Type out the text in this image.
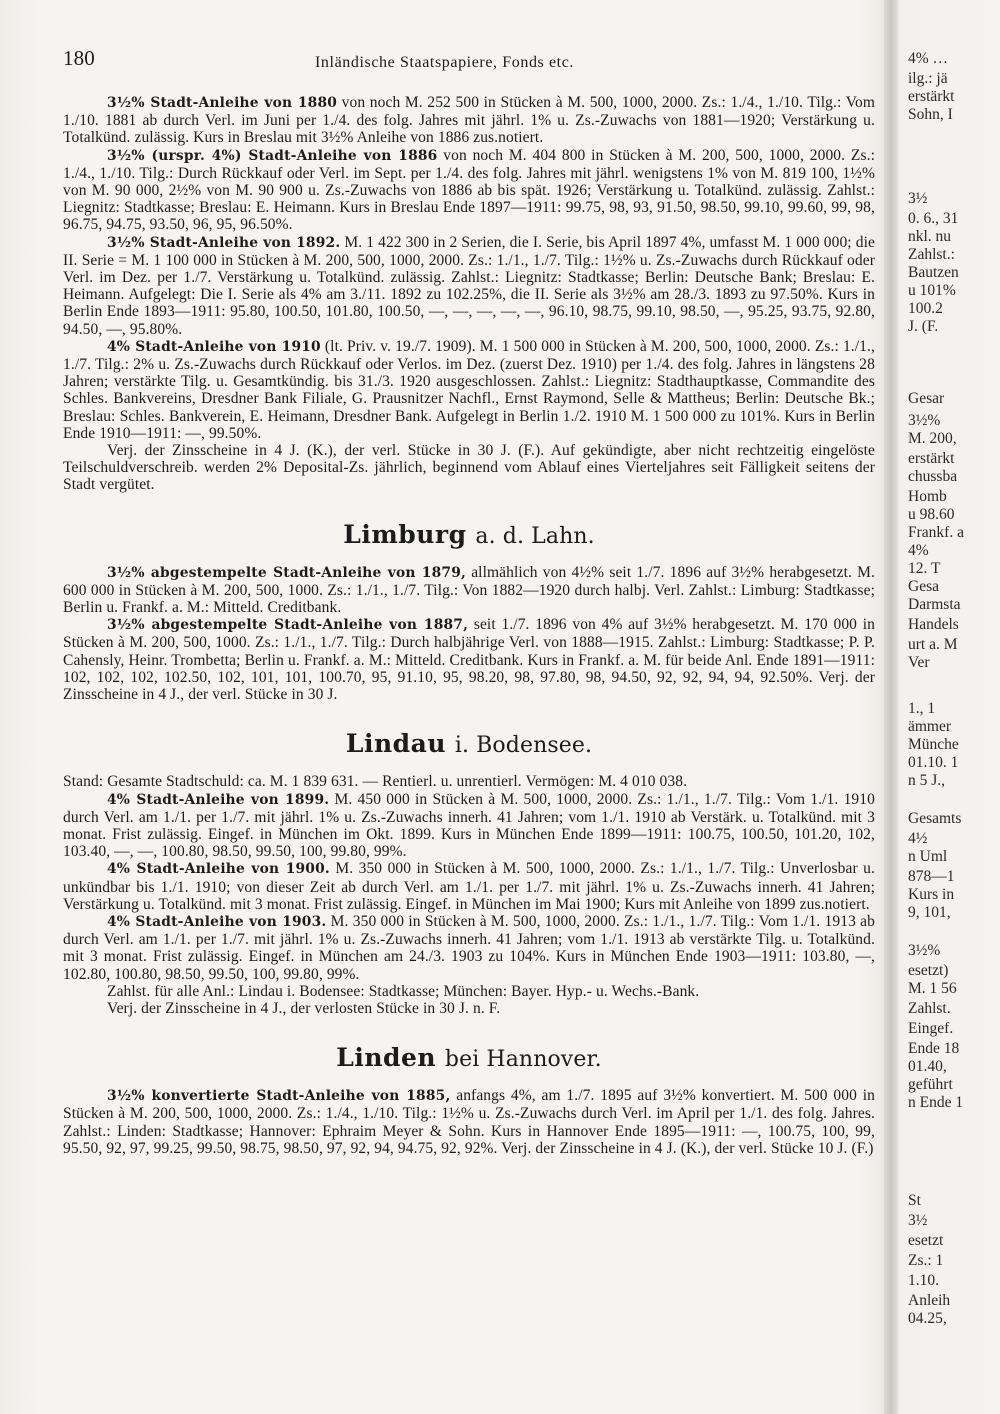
180	Inländische Staatspapiere, Fonds etc.

3½% Stadt-Anleihe von 1880 von noch M. 252 500 in Stücken à M. 500, 1000, 2000. Zs.: 1./4., 1./10. Tilg.: Vom 1./10. 1881 ab durch Verl. im Juni per 1./4. des folg. Jahres mit jährl. 1% u. Zs.-Zuwachs von 1881—1920; Verstärkung u. Totalkünd. zulässig. Kurs in Breslau mit 3½% Anleihe von 1886 zus.notiert.

3½% (urspr. 4%) Stadt-Anleihe von 1886 von noch M. 404 800 in Stücken à M. 200, 500, 1000, 2000. Zs.: 1./4., 1./10. Tilg.: Durch Rückkauf oder Verl. im Sept. per 1./4. des folg. Jahres mit jährl. wenigstens 1% von M. 819 100, 1½% von M. 90 000, 2½% von M. 90 900 u. Zs.-Zuwachs von 1886 ab bis spät. 1926; Verstärkung u. Totalkünd. zulässig. Zahlst.: Liegnitz: Stadtkasse; Breslau: E. Heimann. Kurs in Breslau Ende 1897—1911: 99.75, 98, 93, 91.50, 98.50, 99.10, 99.60, 99, 98, 96.75, 94.75, 93.50, 96, 95, 96.50%.

3½% Stadt-Anleihe von 1892. M. 1 422 300 in 2 Serien, die I. Serie, bis April 1897 4%, umfasst M. 1 000 000; die II. Serie = M. 1 100 000 in Stücken à M. 200, 500, 1000, 2000. Zs.: 1./1., 1./7. Tilg.: 1½% u. Zs.-Zuwachs durch Rückkauf oder Verl. im Dez. per 1./7. Verstärkung u. Totalkünd. zulässig. Zahlst.: Liegnitz: Stadtkasse; Berlin: Deutsche Bank; Breslau: E. Heimann. Aufgelegt: Die I. Serie als 4% am 3./11. 1892 zu 102.25%, die II. Serie als 3½% am 28./3. 1893 zu 97.50%. Kurs in Berlin Ende 1893—1911: 95.80, 100.50, 101.80, 100.50, —, —, —, —, —, 96.10, 98.75, 99.10, 98.50, —, 95.25, 93.75, 92.80, 94.50, —, 95.80%.

4% Stadt-Anleihe von 1910 (lt. Priv. v. 19./7. 1909). M. 1 500 000 in Stücken à M. 200, 500, 1000, 2000. Zs.: 1./1., 1./7. Tilg.: 2% u. Zs.-Zuwachs durch Rückkauf oder Verlos. im Dez. (zuerst Dez. 1910) per 1./4. des folg. Jahres in längstens 28 Jahren; verstärkte Tilg. u. Gesamtkündig. bis 31./3. 1920 ausgeschlossen. Zahlst.: Liegnitz: Stadthauptkasse, Commandite des Schles. Bankvereins, Dresdner Bank Filiale, G. Prausnitzer Nachfl., Ernst Raymond, Selle & Mattheus; Berlin: Deutsche Bk.; Breslau: Schles. Bankverein, E. Heimann, Dresdner Bank. Aufgelegt in Berlin 1./2. 1910 M. 1 500 000 zu 101%. Kurs in Berlin Ende 1910—1911: —, 99.50%.

Verj. der Zinsscheine in 4 J. (K.), der verl. Stücke in 30 J. (F.). Auf gekündigte, aber nicht rechtzeitig eingelöste Teilschuldverschreib. werden 2% Deposital-Zs. jährlich, beginnend vom Ablauf eines Vierteljahres seit Fälligkeit seitens der Stadt vergütet.

Limburg a. d. Lahn.

3½% abgestempelte Stadt-Anleihe von 1879, allmählich von 4½% seit 1./7. 1896 auf 3½% herabgesetzt. M. 600 000 in Stücken à M. 200, 500, 1000. Zs.: 1./1., 1./7. Tilg.: Von 1882—1920 durch halbj. Verl. Zahlst.: Limburg: Stadtkasse; Berlin u. Frankf. a. M.: Mitteld. Creditbank.

3½% abgestempelte Stadt-Anleihe von 1887, seit 1./7. 1896 von 4% auf 3½% herabgesetzt. M. 170 000 in Stücken à M. 200, 500, 1000. Zs.: 1./1., 1./7. Tilg.: Durch halbjährige Verl. von 1888—1915. Zahlst.: Limburg: Stadtkasse; P. P. Cahensly, Heinr. Trombetta; Berlin u. Frankf. a. M.: Mitteld. Creditbank. Kurs in Frankf. a. M. für beide Anl. Ende 1891—1911: 102, 102, 102, 102.50, 102, 101, 101, 100.70, 95, 91.10, 95, 98.20, 98, 97.80, 98, 94.50, 92, 92, 94, 94, 92.50%. Verj. der Zinsscheine in 4 J., der verl. Stücke in 30 J.

Lindau i. Bodensee.

Stand: Gesamte Stadtschuld: ca. M. 1 839 631. — Rentierl. u. unrentierl. Vermögen: M. 4 010 038.

4% Stadt-Anleihe von 1899. M. 450 000 in Stücken à M. 500, 1000, 2000. Zs.: 1./1., 1./7. Tilg.: Vom 1./1. 1910 durch Verl. am 1./1. per 1./7. mit jährl. 1% u. Zs.-Zuwachs innerh. 41 Jahren; vom 1./1. 1910 ab Verstärk. u. Totalkünd. mit 3 monat. Frist zulässig. Eingef. in München im Okt. 1899. Kurs in München Ende 1899—1911: 100.75, 100.50, 101.20, 102, 103.40, —, —, 100.80, 98.50, 99.50, 100, 99.80, 99%.

4% Stadt-Anleihe von 1900. M. 350 000 in Stücken à M. 500, 1000, 2000. Zs.: 1./1., 1./7. Tilg.: Unverlosbar u. unkündbar bis 1./1. 1910; von dieser Zeit ab durch Verl. am 1./1. per 1./7. mit jährl. 1% u. Zs.-Zuwachs innerh. 41 Jahren; Verstärkung u. Totalkünd. mit 3 monat. Frist zulässig. Eingef. in München im Mai 1900; Kurs mit Anleihe von 1899 zus.notiert.

4% Stadt-Anleihe von 1903. M. 350 000 in Stücken à M. 500, 1000, 2000. Zs.: 1./1., 1./7. Tilg.: Vom 1./1. 1913 ab durch Verl. am 1./1. per 1./7. mit jährl. 1% u. Zs.-Zuwachs innerh. 41 Jahren; vom 1./1. 1913 ab verstärkte Tilg. u. Totalkünd. mit 3 monat. Frist zulässig. Eingef. in München am 24./3. 1903 zu 104%. Kurs in München Ende 1903—1911: 103.80, —, 102.80, 100.80, 98.50, 99.50, 100, 99.80, 99%.

Zahlst. für alle Anl.: Lindau i. Bodensee: Stadtkasse; München: Bayer. Hyp.- u. Wechs.-Bank.

Verj. der Zinsscheine in 4 J., der verlosten Stücke in 30 J. n. F.

Linden bei Hannover.

3½% konvertierte Stadt-Anleihe von 1885, anfangs 4%, am 1./7. 1895 auf 3½% konvertiert. M. 500 000 in Stücken à M. 200, 500, 1000, 2000. Zs.: 1./4., 1./10. Tilg.: 1½% u. Zs.-Zuwachs durch Verl. im April per 1./1. des folg. Jahres. Zahlst.: Linden: Stadtkasse; Hannover: Ephraim Meyer & Sohn. Kurs in Hannover Ende 1895—1911: —, 100.75, 100, 99, 95.50, 92, 97, 99.25, 99.50, 98.75, 98.50, 97, 92, 94, 94.75, 92, 92%. Verj. der Zinsscheine in 4 J. (K.), der verl. Stücke 10 J. (F.)

4% …
ilg.: jä
erstärkt
Sohn, I
3½
0. 6., 31
nkl. nu
Zahlst.:
Bautzen
u 101%
100.2
J. (F.
Gesar
3½%
M. 200,
erstärkt
chussba
Homb
u 98.60
Frankf. a
4%
12. T
Gesa
Darmsta
Handels
urt a. M
Ver
1., 1
ämmer
Münche
01.10. 1
n 5 J.,
Gesamts
4½
n Uml
878—1
Kurs in
9, 101,
3½%
esetzt)
M. 1 56
Zahlst.
Eingef.
Ende 18
01.40,
geführt
n Ende 1
St
3½
esetzt
Zs.: 1
1.10.
Anleih
04.25,
